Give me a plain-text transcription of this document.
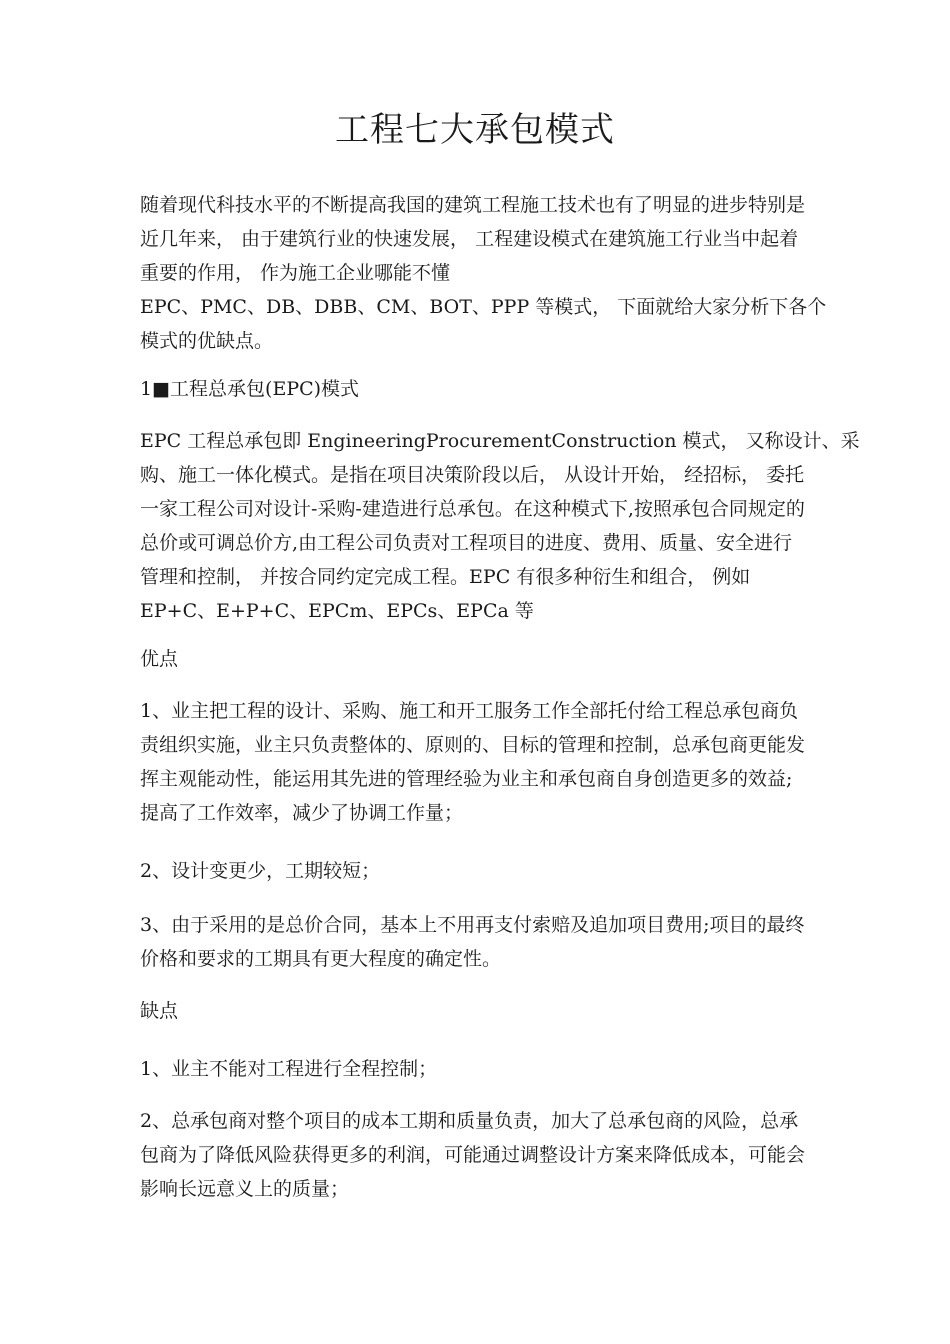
工程七大承包模式

随着现代科技水平的不断提高我国的建筑工程施工技术也有了明显的进步特别是
近几年来， 由于建筑行业的快速发展， 工程建设模式在建筑施工行业当中起着
重要的作用， 作为施工企业哪能不懂
EPC、PMC、DB、DBB、CM、BOT、PPP 等模式， 下面就给大家分析下各个
模式的优缺点。

1■工程总承包(EPC)模式

EPC 工程总承包即 EngineeringProcurementConstruction 模式， 又称设计、采
购、施工一体化模式。是指在项目决策阶段以后， 从设计开始， 经招标， 委托
一家工程公司对设计-采购-建造进行总承包。在这种模式下,按照承包合同规定的
总价或可调总价方,由工程公司负责对工程项目的进度、费用、质量、安全进行
管理和控制， 并按合同约定完成工程。EPC 有很多种衍生和组合， 例如
EP+C、E+P+C、EPCm、EPCs、EPCa 等

优点

1、业主把工程的设计、采购、施工和开工服务工作全部托付给工程总承包商负
责组织实施，业主只负责整体的、原则的、目标的管理和控制，总承包商更能发
挥主观能动性，能运用其先进的管理经验为业主和承包商自身创造更多的效益;
提高了工作效率，减少了协调工作量；

2、设计变更少，工期较短；

3、由于采用的是总价合同，基本上不用再支付索赔及追加项目费用;项目的最终
价格和要求的工期具有更大程度的确定性。

缺点

1、业主不能对工程进行全程控制；

2、总承包商对整个项目的成本工期和质量负责，加大了总承包商的风险，总承
包商为了降低风险获得更多的利润，可能通过调整设计方案来降低成本，可能会
影响长远意义上的质量；
